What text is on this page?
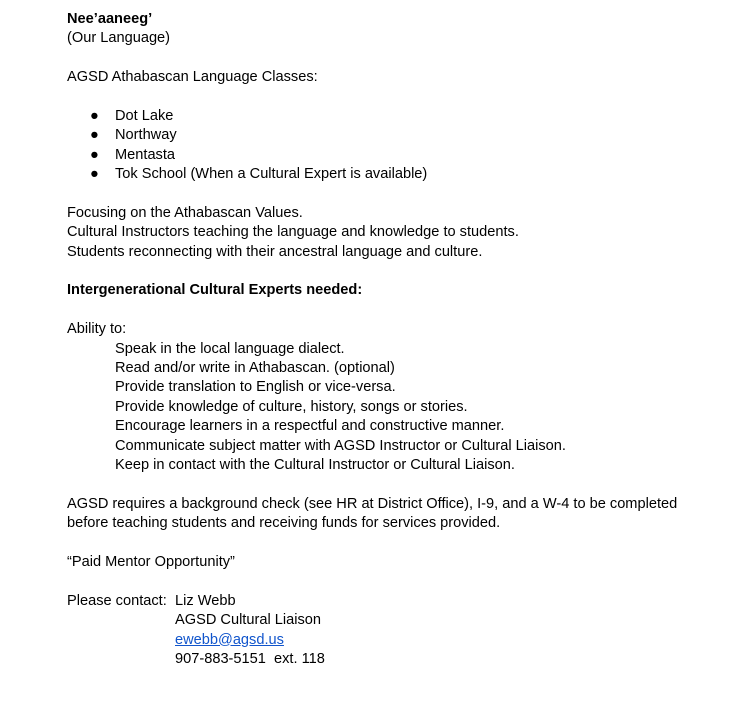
Nee’aaneeg’
(Our Language)
AGSD Athabascan Language Classes:
● Dot Lake
● Northway
● Mentasta
● Tok School (When a Cultural Expert is available)
Focusing on the Athabascan Values.
Cultural Instructors teaching the language and knowledge to students.
Students reconnecting with their ancestral language and culture.
Intergenerational Cultural Experts needed:
Ability to:
Speak in the local language dialect.
Read and/or write in Athabascan. (optional)
Provide translation to English or vice-versa.
Provide knowledge of culture, history, songs or stories.
Encourage learners in a respectful and constructive manner.
Communicate subject matter with AGSD Instructor or Cultural Liaison.
Keep in contact with the Cultural Instructor or Cultural Liaison.
AGSD requires a background check (see HR at District Office), I-9, and a W-4 to be completed
before teaching students and receiving funds for services provided.
“Paid Mentor Opportunity”
Please contact: Liz Webb
AGSD Cultural Liaison
ewebb@agsd.us
907-883-5151  ext. 118
